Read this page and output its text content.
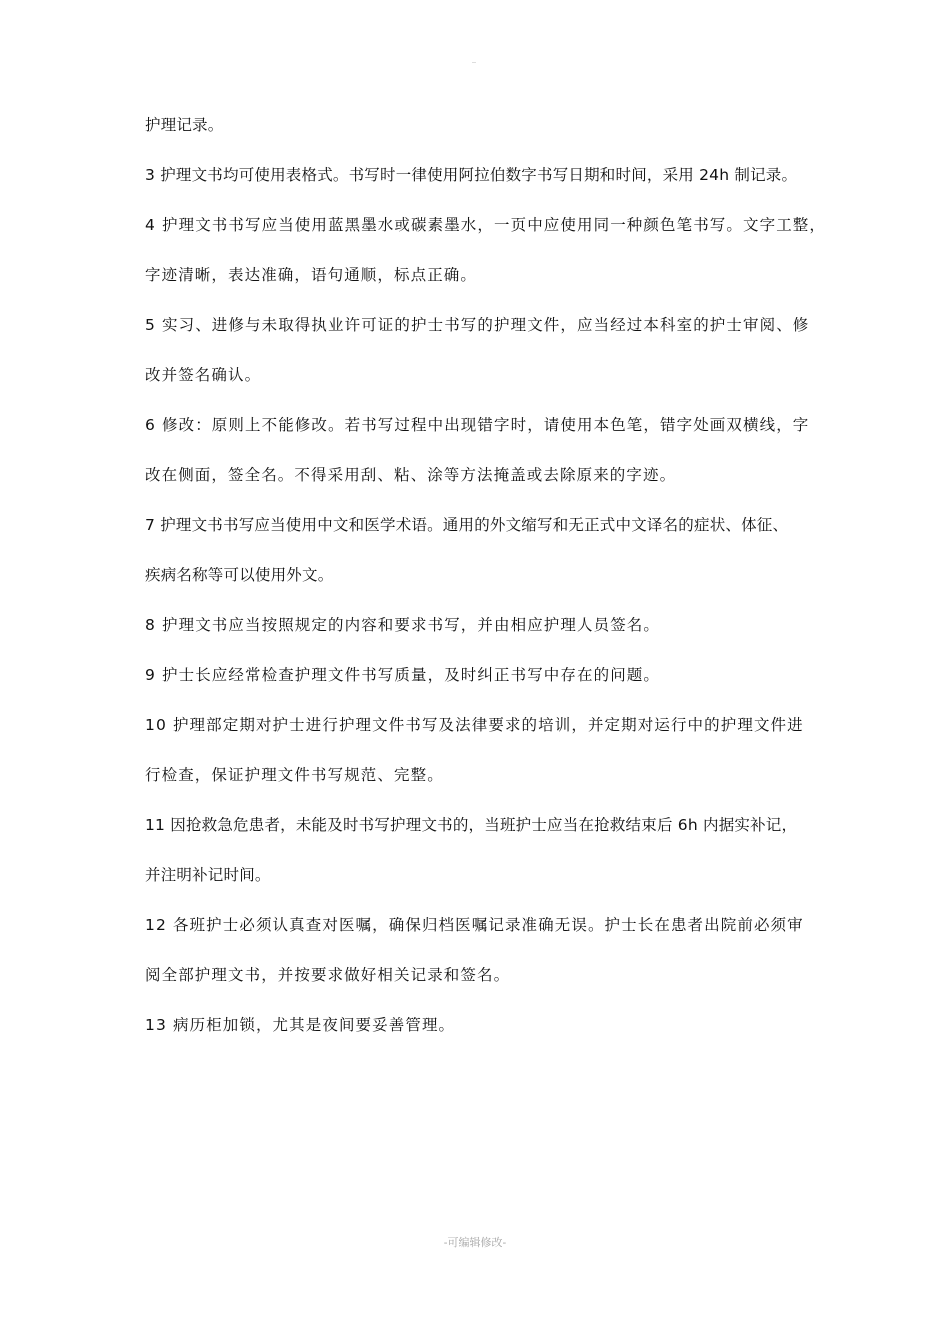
护理记录。
3 护理文书均可使用表格式。书写时一律使用阿拉伯数字书写日期和时间，采用 24h 制记录。
4 护理文书书写应当使用蓝黑墨水或碳素墨水，一页中应使用同一种颜色笔书写。文字工整，
字迹清晰，表达准确，语句通顺，标点正确。
5 实习、进修与未取得执业许可证的护士书写的护理文件，应当经过本科室的护士审阅、修
改并签名确认。
6 修改：原则上不能修改。若书写过程中出现错字时，请使用本色笔，错字处画双横线，字
改在侧面，签全名。不得采用刮、粘、涂等方法掩盖或去除原来的字迹。
7 护理文书书写应当使用中文和医学术语。通用的外文缩写和无正式中文译名的症状、体征、
疾病名称等可以使用外文。
8 护理文书应当按照规定的内容和要求书写，并由相应护理人员签名。
9 护士长应经常检查护理文件书写质量，及时纠正书写中存在的问题。
10 护理部定期对护士进行护理文件书写及法律要求的培训，并定期对运行中的护理文件进
行检查，保证护理文件书写规范、完整。
11 因抢救急危患者，未能及时书写护理文书的，当班护士应当在抢救结束后 6h 内据实补记，
并注明补记时间。
12 各班护士必须认真查对医嘱，确保归档医嘱记录准确无误。护士长在患者出院前必须审
阅全部护理文书，并按要求做好相关记录和签名。
13 病历柜加锁，尤其是夜间要妥善管理。
-可编辑修改-
